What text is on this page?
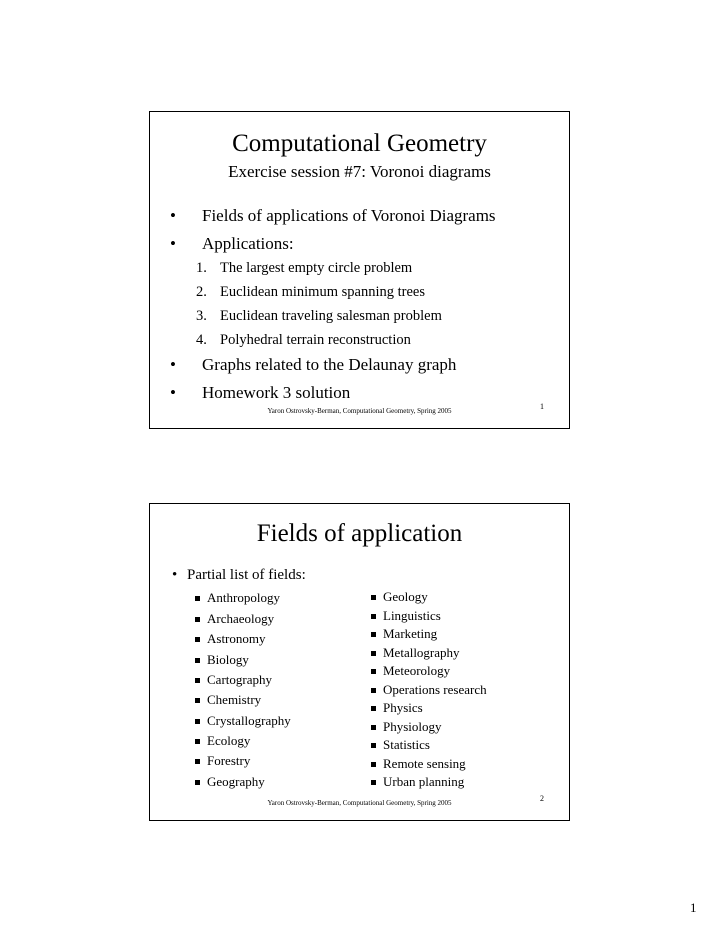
Computational Geometry
Exercise session #7: Voronoi diagrams
• Fields of applications of Voronoi Diagrams
• Applications:
1. The largest empty circle problem
2. Euclidean minimum spanning trees
3. Euclidean traveling salesman problem
4. Polyhedral terrain reconstruction
• Graphs related to the Delaunay graph
• Homework 3 solution
Yaron Ostrovsky-Berman, Computational Geometry, Spring 2005	1
Fields of application
• Partial list of fields:
Anthropology
Archaeology
Astronomy
Biology
Cartography
Chemistry
Crystallography
Ecology
Forestry
Geography
Geology
Linguistics
Marketing
Metallography
Meteorology
Operations research
Physics
Physiology
Statistics
Remote sensing
Urban planning
Yaron Ostrovsky-Berman, Computational Geometry, Spring 2005	2
1
